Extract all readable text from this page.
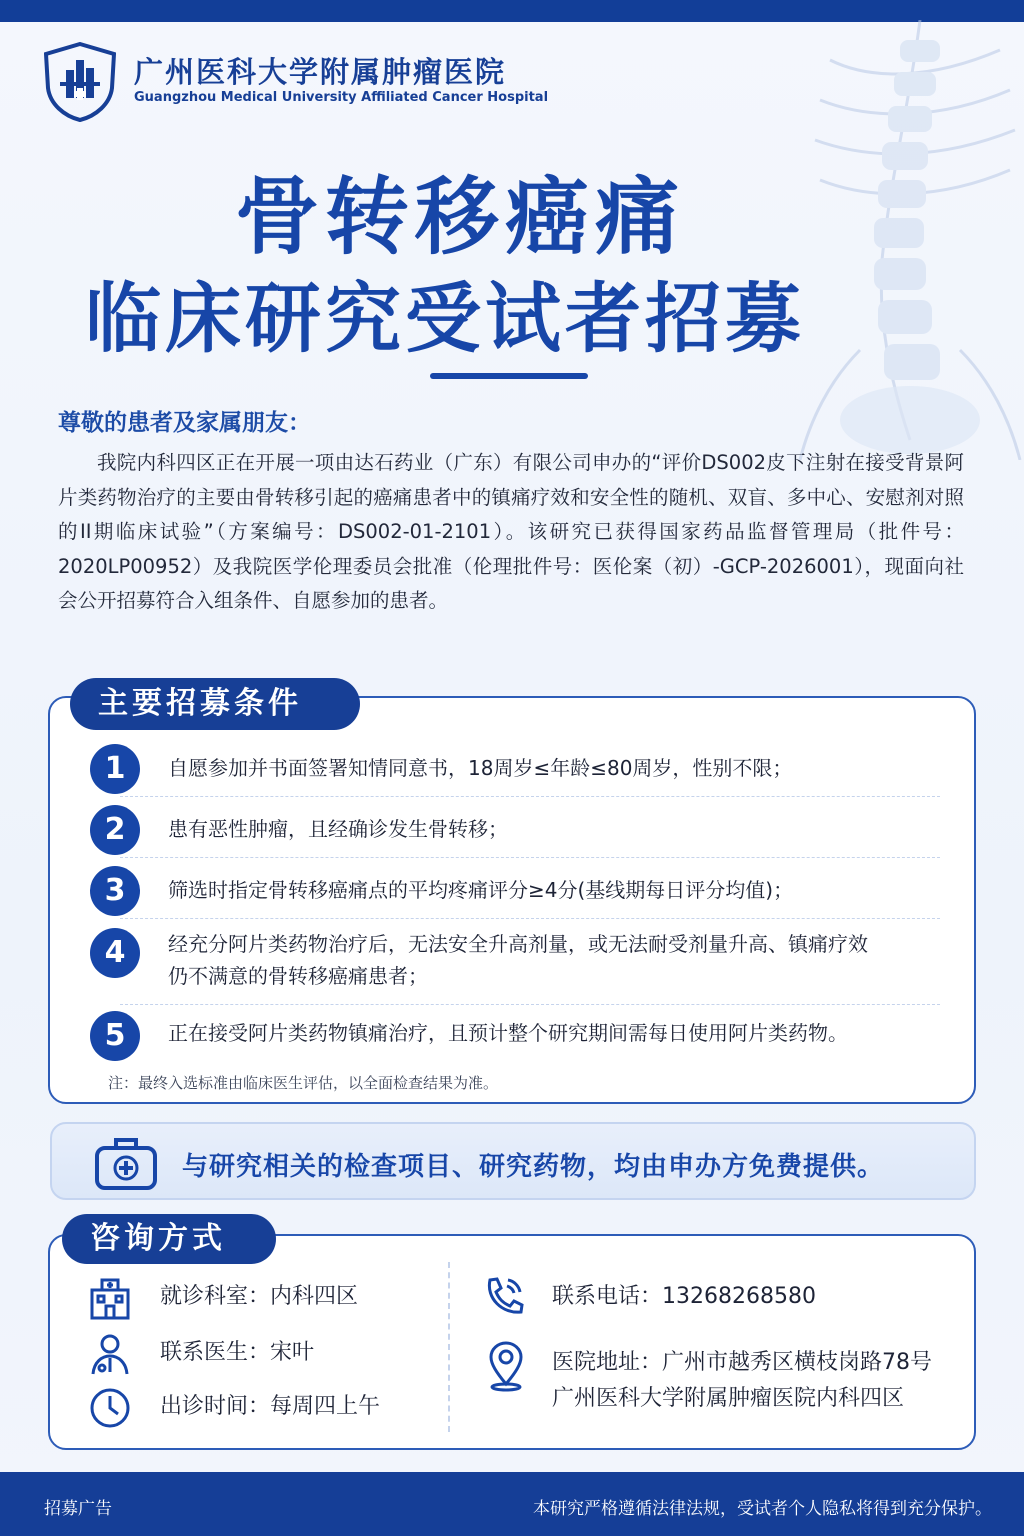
广州医科大学附属肿瘤医院
Guangzhou Medical University Affiliated Cancer Hospital
骨转移癌痛
临床研究受试者招募
尊敬的患者及家属朋友：
我院内科四区正在开展一项由达石药业（广东）有限公司申办的“评价DS002皮下注射在接受背景阿片类药物治疗的主要由骨转移引起的癌痛患者中的镇痛疗效和安全性的随机、双盲、多中心、安慰剂对照的II期临床试验”（方案编号：DS002-01-2101）。该研究已获得国家药品监督管理局（批件号：2020LP00952）及我院医学伦理委员会批准（伦理批件号：医伦案（初）-GCP-2026001），现面向社会公开招募符合入组条件、自愿参加的患者。
主要招募条件
1	自愿参加并书面签署知情同意书，18周岁≤年龄≤80周岁，性别不限；
2	患有恶性肿瘤，且经确诊发生骨转移；
3	筛选时指定骨转移癌痛点的平均疼痛评分≥4分(基线期每日评分均值)；
4	经充分阿片类药物治疗后，无法安全升高剂量，或无法耐受剂量升高、镇痛疗效仍不满意的骨转移癌痛患者；
5	正在接受阿片类药物镇痛治疗，且预计整个研究期间需每日使用阿片类药物。
注：最终入选标准由临床医生评估，以全面检查结果为准。
与研究相关的检查项目、研究药物，均由申办方免费提供。
咨询方式
就诊科室：内科四区
联系医生：宋叶
出诊时间：每周四上午
联系电话：13268268580
医院地址：广州市越秀区横枝岗路78号
广州医科大学附属肿瘤医院内科四区
招募广告	本研究严格遵循法律法规，受试者个人隐私将得到充分保护。
